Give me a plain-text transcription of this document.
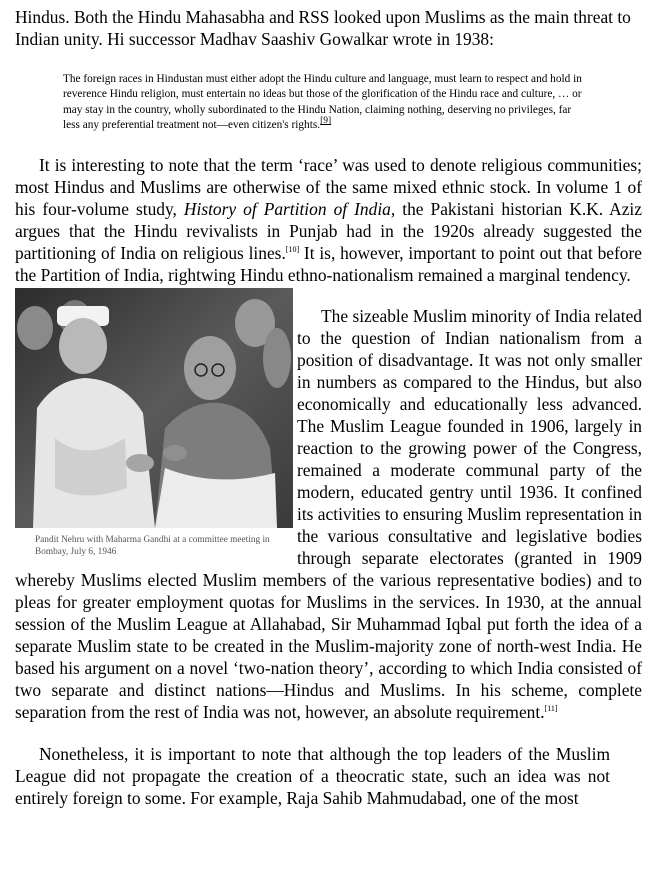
Hindus. Both the Hindu Mahasabha and RSS looked upon Muslims as the main threat to Indian unity. Hi successor Madhav Saashiv Gowalkar wrote in 1938:

The foreign races in Hindustan must either adopt the Hindu culture and language, must learn to respect and hold in reverence Hindu religion, must entertain no ideas but those of the glorification of the Hindu race and culture, … or may stay in the country, wholly subordinated to the Hindu Nation, claiming nothing, deserving no privileges, far less any preferential treatment not—even citizen's rights.[9]

It is interesting to note that the term ‘race’ was used to denote religious communities; most Hindus and Muslims are otherwise of the same mixed ethnic stock. In volume 1 of his four-volume study, History of Partition of India, the Pakistani historian K.K. Aziz argues that the Hindu revivalists in Punjab had in the 1920s already suggested the partitioning of India on religious lines.[10] It is, however, important to point out that before the Partition of India, rightwing Hindu ethno-nationalism remained a marginal tendency.

Pandit Nehru with Maharma Gandhi at a committee meeting in Bombay, July 6, 1946

The sizeable Muslim minority of India related to the question of Indian nationalism from a position of disadvantage. It was not only smaller in numbers as compared to the Hindus, but also economically and educationally less advanced. The Muslim League founded in 1906, largely in reaction to the growing power of the Congress, remained a moderate communal party of the modern, educated gentry until 1936. It confined its activities to ensuring Muslim representation in the various consultative and legislative bodies through separate electorates (granted in 1909 whereby Muslims elected Muslim members of the various representative bodies) and to pleas for greater employment quotas for Muslims in the services. In 1930, at the annual session of the Muslim League at Allahabad, Sir Muhammad Iqbal put forth the idea of a separate Muslim state to be created in the Muslim-majority zone of north-west India. He based his argument on a novel ‘two-nation theory’, according to which India consisted of two separate and distinct nations—Hindus and Muslims. In his scheme, complete separation from the rest of India was not, however, an absolute requirement.[11]

Nonetheless, it is important to note that although the top leaders of the Muslim League did not propagate the creation of a theocratic state, such an idea was not entirely foreign to some. For example, Raja Sahib Mahmudabad, one of the most
